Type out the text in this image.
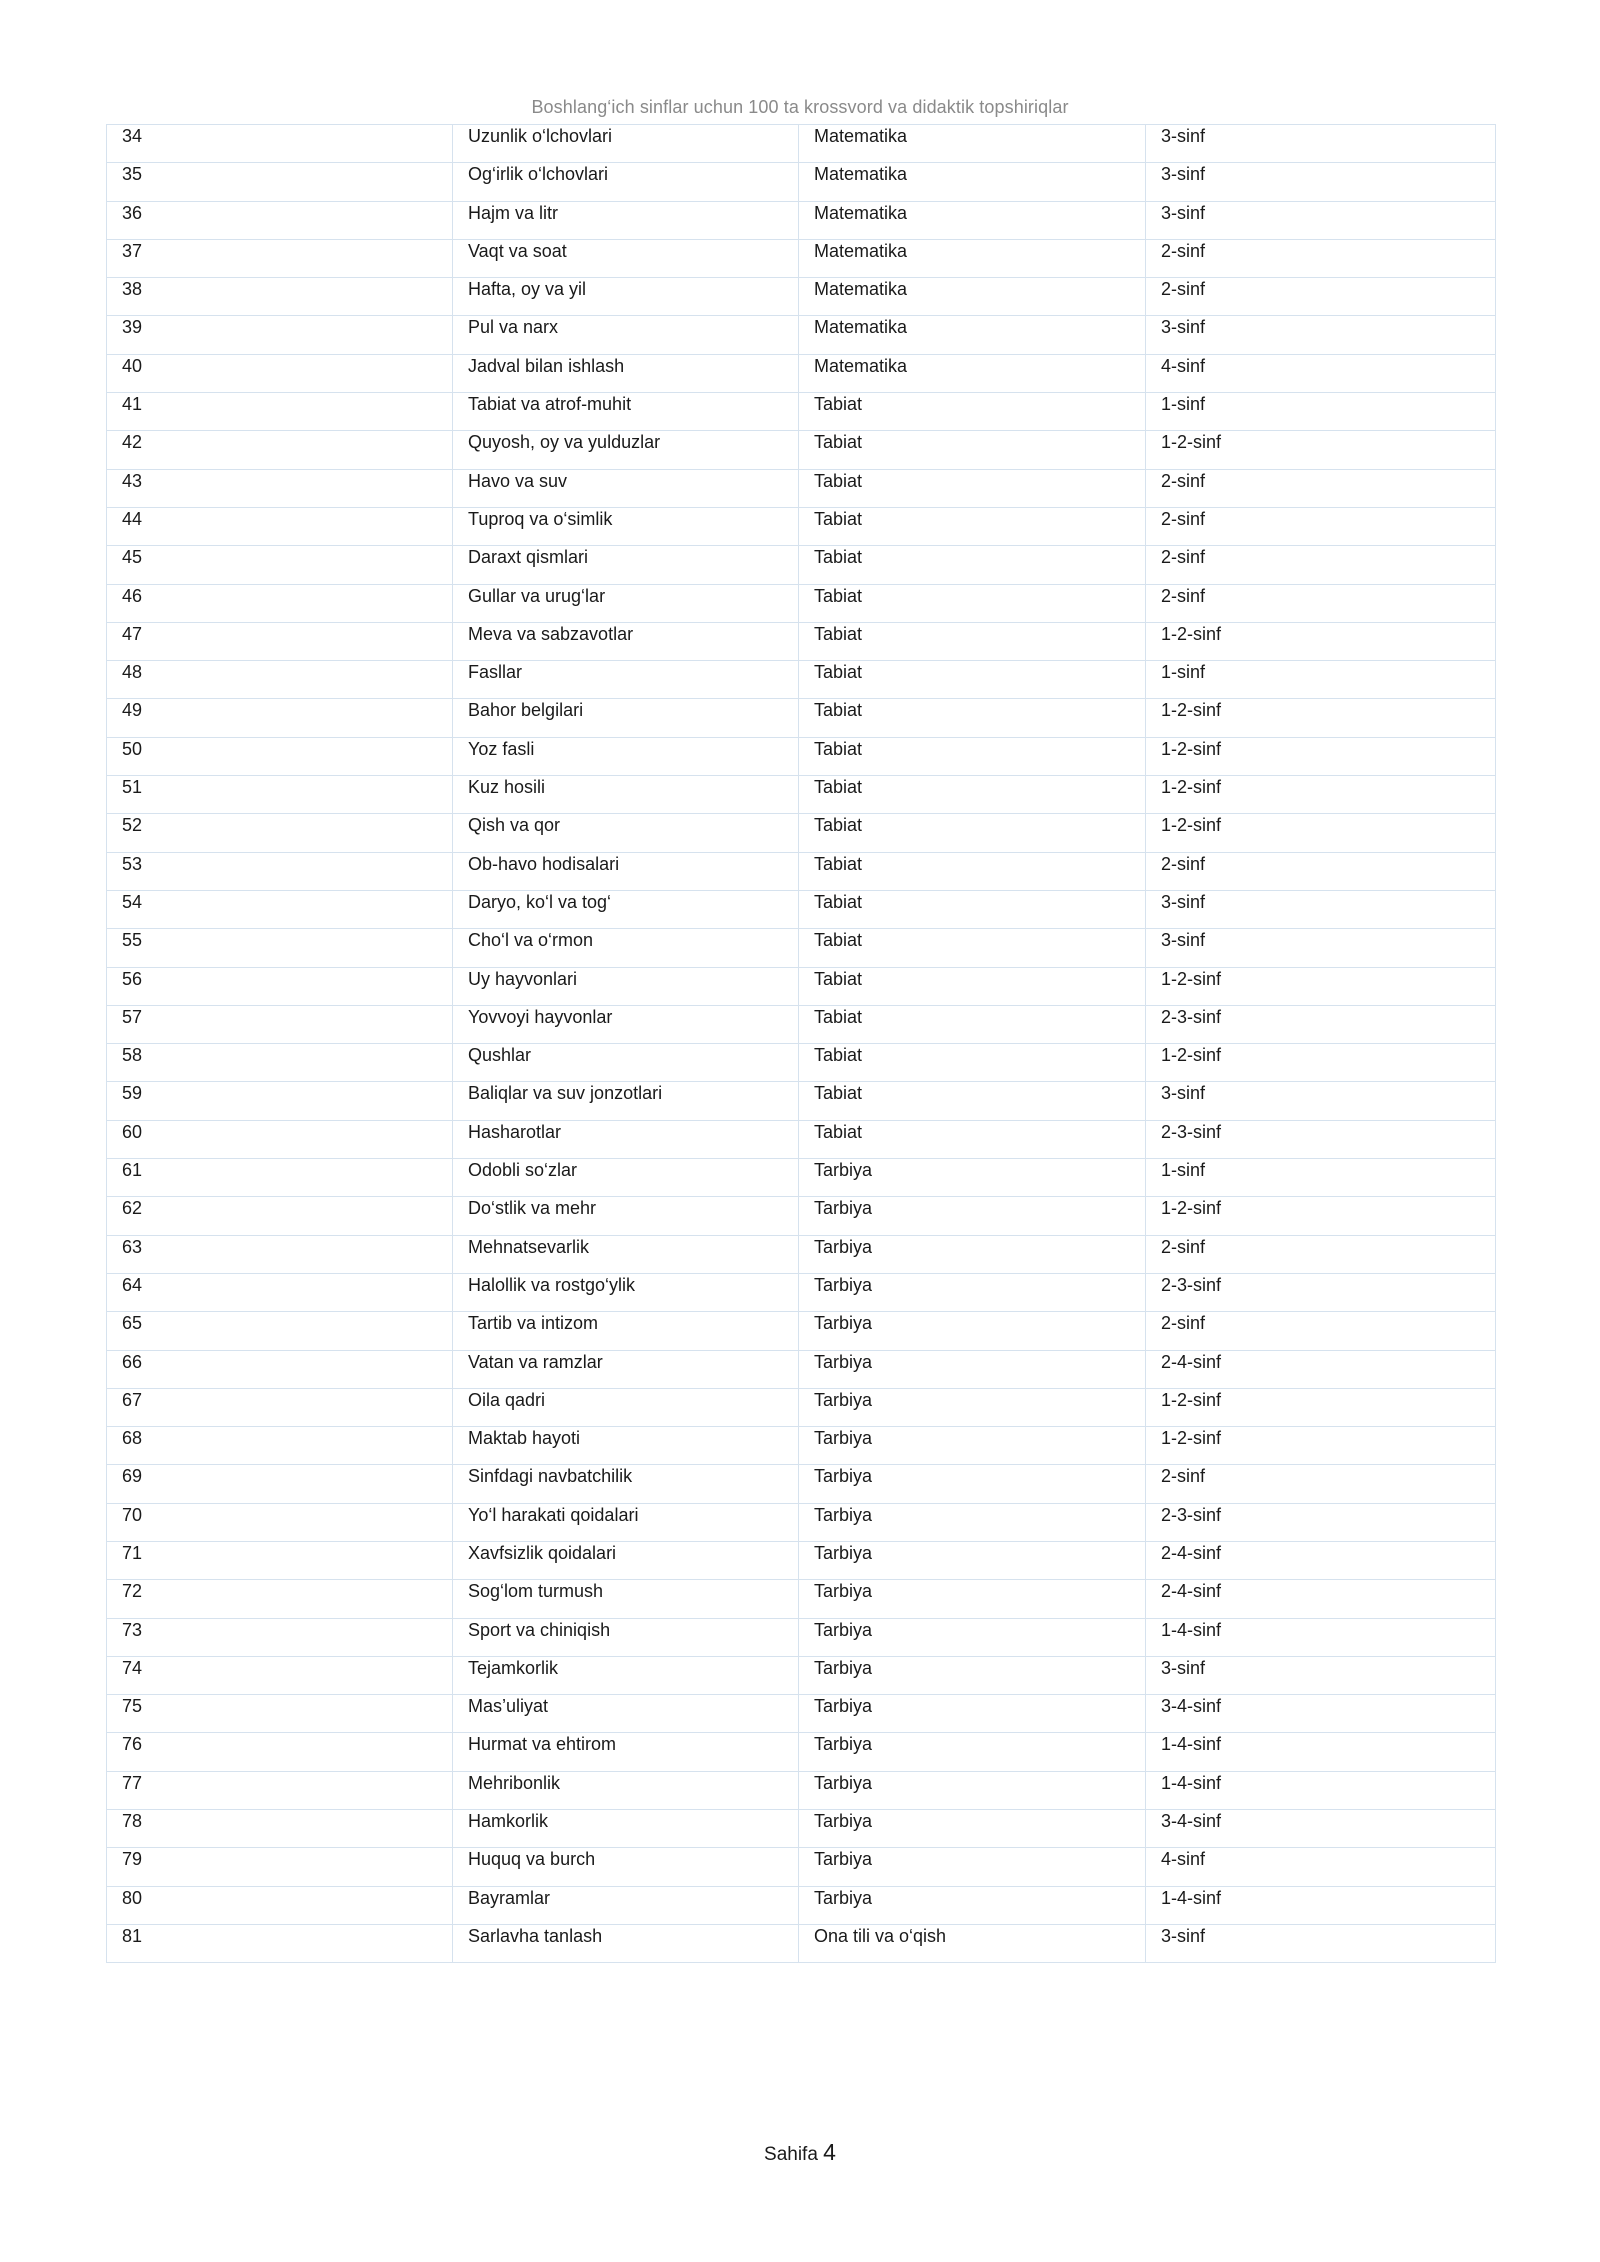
Boshlang‘ich sinflar uchun 100 ta krossvord va didaktik topshiriqlar
34	Uzunlik o‘lchovlari	Matematika	3-sinf
35	Og‘irlik o‘lchovlari	Matematika	3-sinf
36	Hajm va litr	Matematika	3-sinf
37	Vaqt va soat	Matematika	2-sinf
38	Hafta, oy va yil	Matematika	2-sinf
39	Pul va narx	Matematika	3-sinf
40	Jadval bilan ishlash	Matematika	4-sinf
41	Tabiat va atrof-muhit	Tabiat	1-sinf
42	Quyosh, oy va yulduzlar	Tabiat	1-2-sinf
43	Havo va suv	Tabiat	2-sinf
44	Tuproq va o‘simlik	Tabiat	2-sinf
45	Daraxt qismlari	Tabiat	2-sinf
46	Gullar va urug‘lar	Tabiat	2-sinf
47	Meva va sabzavotlar	Tabiat	1-2-sinf
48	Fasllar	Tabiat	1-sinf
49	Bahor belgilari	Tabiat	1-2-sinf
50	Yoz fasli	Tabiat	1-2-sinf
51	Kuz hosili	Tabiat	1-2-sinf
52	Qish va qor	Tabiat	1-2-sinf
53	Ob-havo hodisalari	Tabiat	2-sinf
54	Daryo, ko‘l va tog‘	Tabiat	3-sinf
55	Cho‘l va o‘rmon	Tabiat	3-sinf
56	Uy hayvonlari	Tabiat	1-2-sinf
57	Yovvoyi hayvonlar	Tabiat	2-3-sinf
58	Qushlar	Tabiat	1-2-sinf
59	Baliqlar va suv jonzotlari	Tabiat	3-sinf
60	Hasharotlar	Tabiat	2-3-sinf
61	Odobli so‘zlar	Tarbiya	1-sinf
62	Do‘stlik va mehr	Tarbiya	1-2-sinf
63	Mehnatsevarlik	Tarbiya	2-sinf
64	Halollik va rostgo‘ylik	Tarbiya	2-3-sinf
65	Tartib va intizom	Tarbiya	2-sinf
66	Vatan va ramzlar	Tarbiya	2-4-sinf
67	Oila qadri	Tarbiya	1-2-sinf
68	Maktab hayoti	Tarbiya	1-2-sinf
69	Sinfdagi navbatchilik	Tarbiya	2-sinf
70	Yo‘l harakati qoidalari	Tarbiya	2-3-sinf
71	Xavfsizlik qoidalari	Tarbiya	2-4-sinf
72	Sog‘lom turmush	Tarbiya	2-4-sinf
73	Sport va chiniqish	Tarbiya	1-4-sinf
74	Tejamkorlik	Tarbiya	3-sinf
75	Mas’uliyat	Tarbiya	3-4-sinf
76	Hurmat va ehtirom	Tarbiya	1-4-sinf
77	Mehribonlik	Tarbiya	1-4-sinf
78	Hamkorlik	Tarbiya	3-4-sinf
79	Huquq va burch	Tarbiya	4-sinf
80	Bayramlar	Tarbiya	1-4-sinf
81	Sarlavha tanlash	Ona tili va o‘qish	3-sinf
Sahifa 4
